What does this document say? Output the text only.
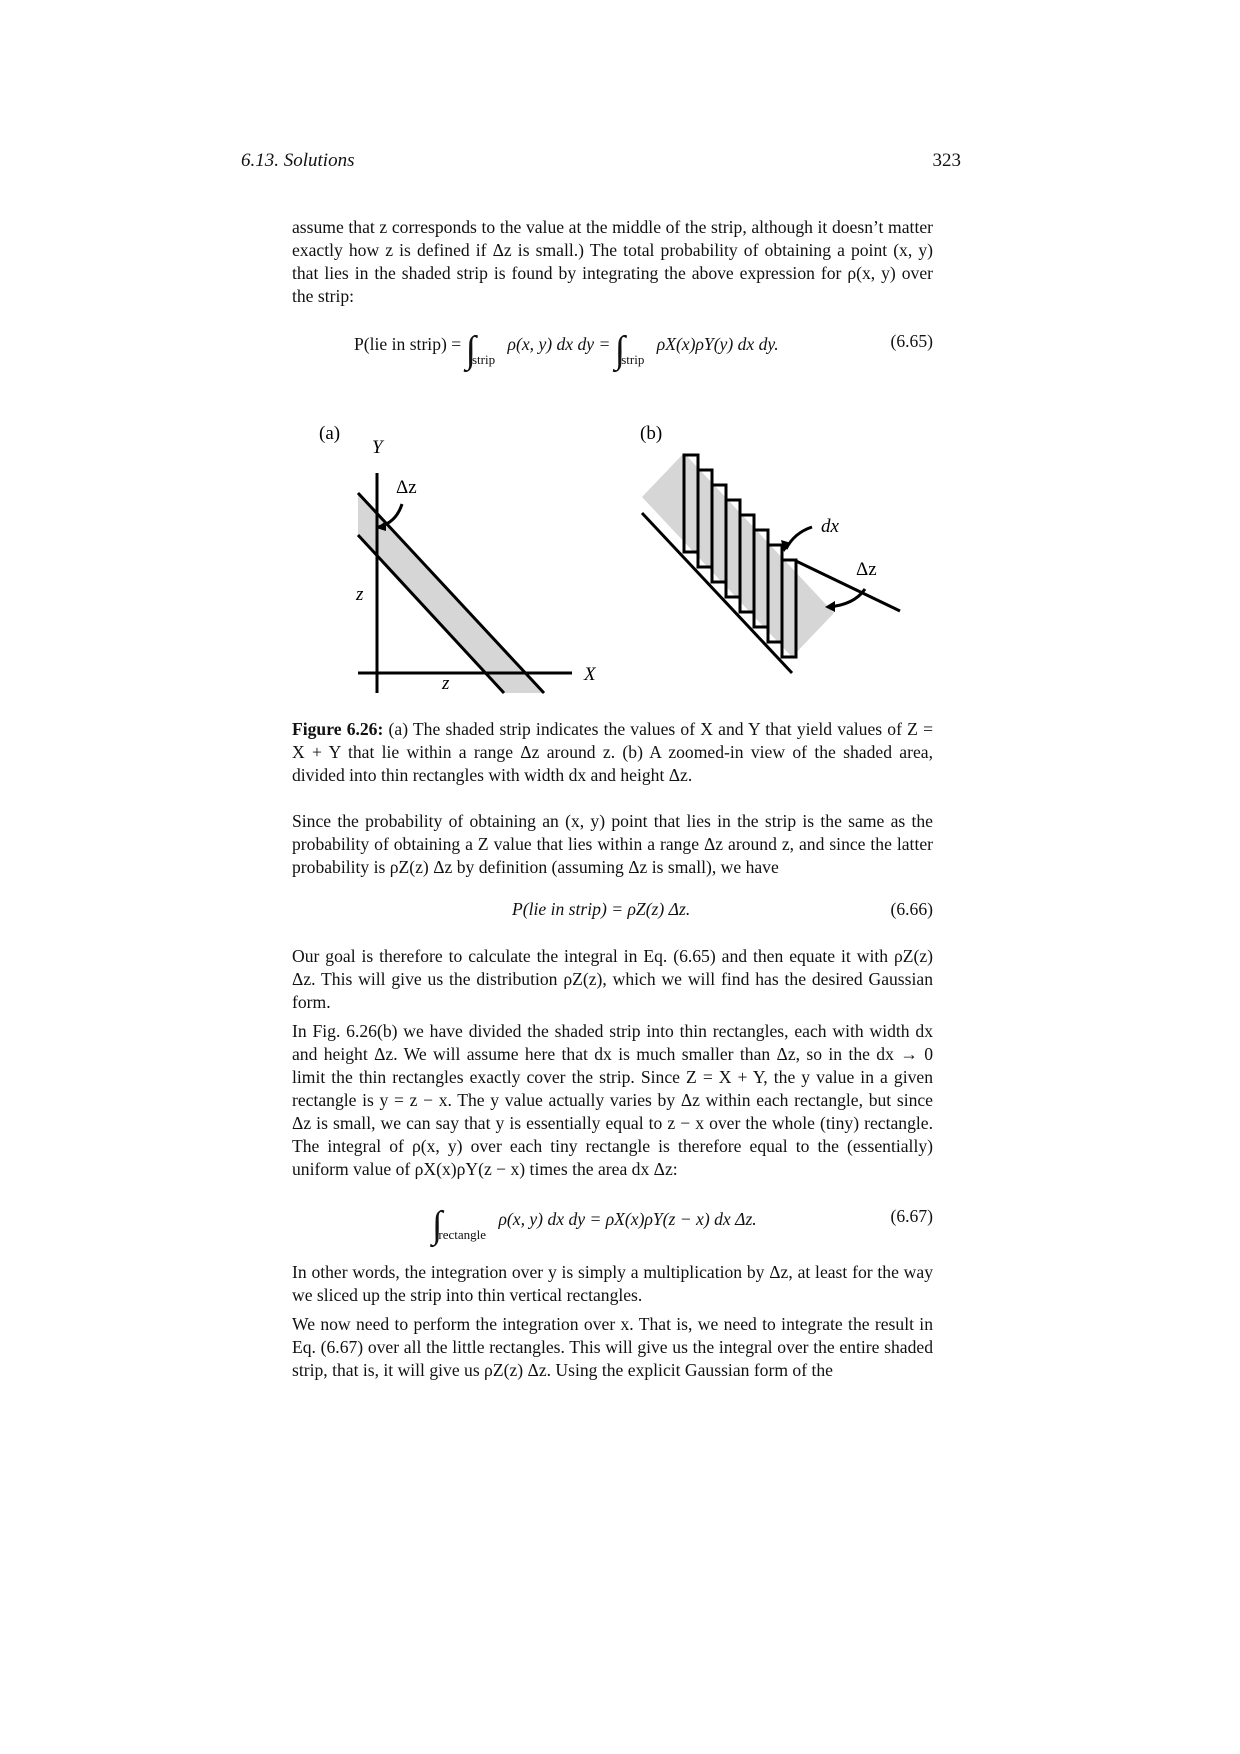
6.13. Solutions	323

assume that z corresponds to the value at the middle of the strip, although it doesn’t matter exactly how z is defined if Δz is small.) The total probability of obtaining a point (x, y) that lies in the shaded strip is found by integrating the above expression for ρ(x, y) over the strip:

P(lie in strip) = $\int_{strip}$ ρ(x, y) dx dy = $\int_{strip}$ ρX(x)ρY(y) dx dy.	(6.65)
(a)
Y
Δz
z
z	X
(b)
dx
Δz
Figure 6.26: (a) The shaded strip indicates the values of X and Y that yield values of Z = X + Y that lie within a range Δz around z. (b) A zoomed-in view of the shaded area, divided into thin rectangles with width dx and height Δz.

Since the probability of obtaining an (x, y) point that lies in the strip is the same as the probability of obtaining a Z value that lies within a range Δz around z, and since the latter probability is ρZ(z) Δz by definition (assuming Δz is small), we have

P(lie in strip) = ρZ(z) Δz.	(6.66)

Our goal is therefore to calculate the integral in Eq. (6.65) and then equate it with ρZ(z) Δz. This will give us the distribution ρZ(z), which we will find has the desired Gaussian form.

In Fig. 6.26(b) we have divided the shaded strip into thin rectangles, each with width dx and height Δz. We will assume here that dx is much smaller than Δz, so in the dx → 0 limit the thin rectangles exactly cover the strip. Since Z = X + Y, the y value in a given rectangle is y = z − x. The y value actually varies by Δz within each rectangle, but since Δz is small, we can say that y is essentially equal to z − x over the whole (tiny) rectangle. The integral of ρ(x, y) over each tiny rectangle is therefore equal to the (essentially) uniform value of ρX(x)ρY(z − x) times the area dx Δz:

$\int_{rectangle}$ ρ(x, y) dx dy = ρX(x)ρY(z − x) dx Δz.	(6.67)

In other words, the integration over y is simply a multiplication by Δz, at least for the way we sliced up the strip into thin vertical rectangles.

We now need to perform the integration over x. That is, we need to integrate the result in Eq. (6.67) over all the little rectangles. This will give us the integral over the entire shaded strip, that is, it will give us ρZ(z) Δz. Using the explicit Gaussian form of the
